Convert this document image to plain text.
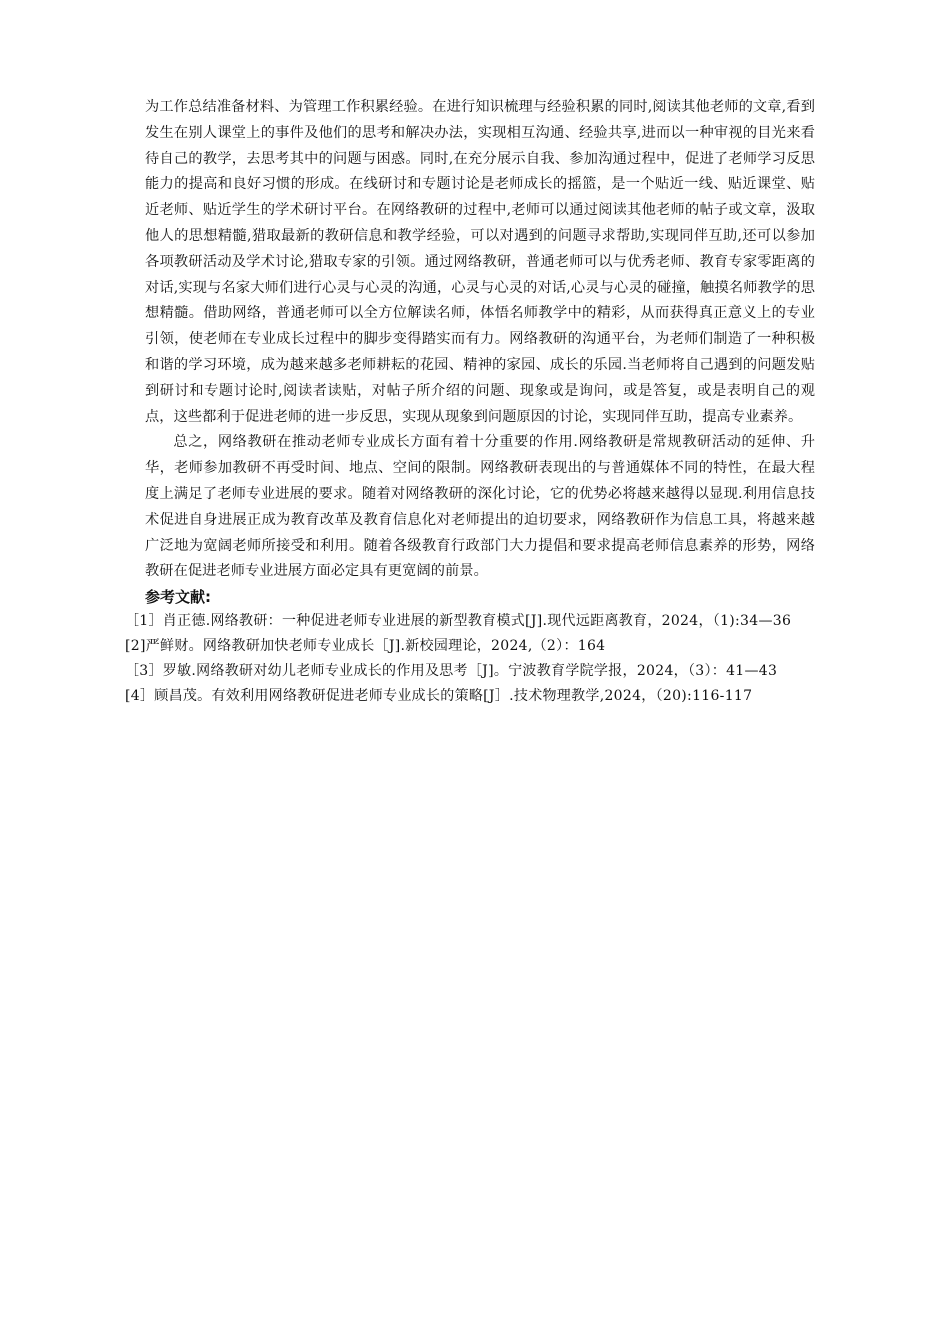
为工作总结准备材料、为管理工作积累经验。在进行知识梳理与经验积累的同时,阅读其他老师的文章,看到发生在别人课堂上的事件及他们的思考和解决办法，实现相互沟通、经验共享,进而以一种审视的目光来看待自己的教学，去思考其中的问题与困惑。同时,在充分展示自我、参加沟通过程中，促进了老师学习反思能力的提高和良好习惯的形成。在线研讨和专题讨论是老师成长的摇篮，是一个贴近一线、贴近课堂、贴近老师、贴近学生的学术研讨平台。在网络教研的过程中,老师可以通过阅读其他老师的帖子或文章，汲取他人的思想精髓,猎取最新的教研信息和教学经验，可以对遇到的问题寻求帮助,实现同伴互助,还可以参加各项教研活动及学术讨论,猎取专家的引领。通过网络教研，普通老师可以与优秀老师、教育专家零距离的对话,实现与名家大师们进行心灵与心灵的沟通，心灵与心灵的对话,心灵与心灵的碰撞，触摸名师教学的思想精髓。借助网络，普通老师可以全方位解读名师，体悟名师教学中的精彩，从而获得真正意义上的专业引领，使老师在专业成长过程中的脚步变得踏实而有力。网络教研的沟通平台，为老师们制造了一种积极和谐的学习环境，成为越来越多老师耕耘的花园、精神的家园、成长的乐园.当老师将自己遇到的问题发贴到研讨和专题讨论时,阅读者读贴，对帖子所介绍的问题、现象或是询问，或是答复，或是表明自己的观点，这些都利于促进老师的进一步反思，实现从现象到问题原因的讨论，实现同伴互助，提高专业素养。

总之，网络教研在推动老师专业成长方面有着十分重要的作用.网络教研是常规教研活动的延伸、升华，老师参加教研不再受时间、地点、空间的限制。网络教研表现出的与普通媒体不同的特性，在最大程度上满足了老师专业进展的要求。随着对网络教研的深化讨论，它的优势必将越来越得以显现.利用信息技术促进自身进展正成为教育改革及教育信息化对老师提出的迫切要求，网络教研作为信息工具，将越来越广泛地为宽阔老师所接受和利用。随着各级教育行政部门大力提倡和要求提高老师信息素养的形势，网络教研在促进老师专业进展方面必定具有更宽阔的前景。

参考文献:

［1］肖正德.网络教研：一种促进老师专业进展的新型教育模式[J].现代远距离教育，2024，（1):34—36

[2]严鲜财。网络教研加快老师专业成长［J].新校园理论，2024,（2）：164

［3］罗敏.网络教研对幼儿老师专业成长的作用及思考［J]。宁波教育学院学报，2024，（3）：41—43

[4］顾昌茂。有效利用网络教研促进老师专业成长的策略[J］.技术物理教学,2024，（20):116-117
